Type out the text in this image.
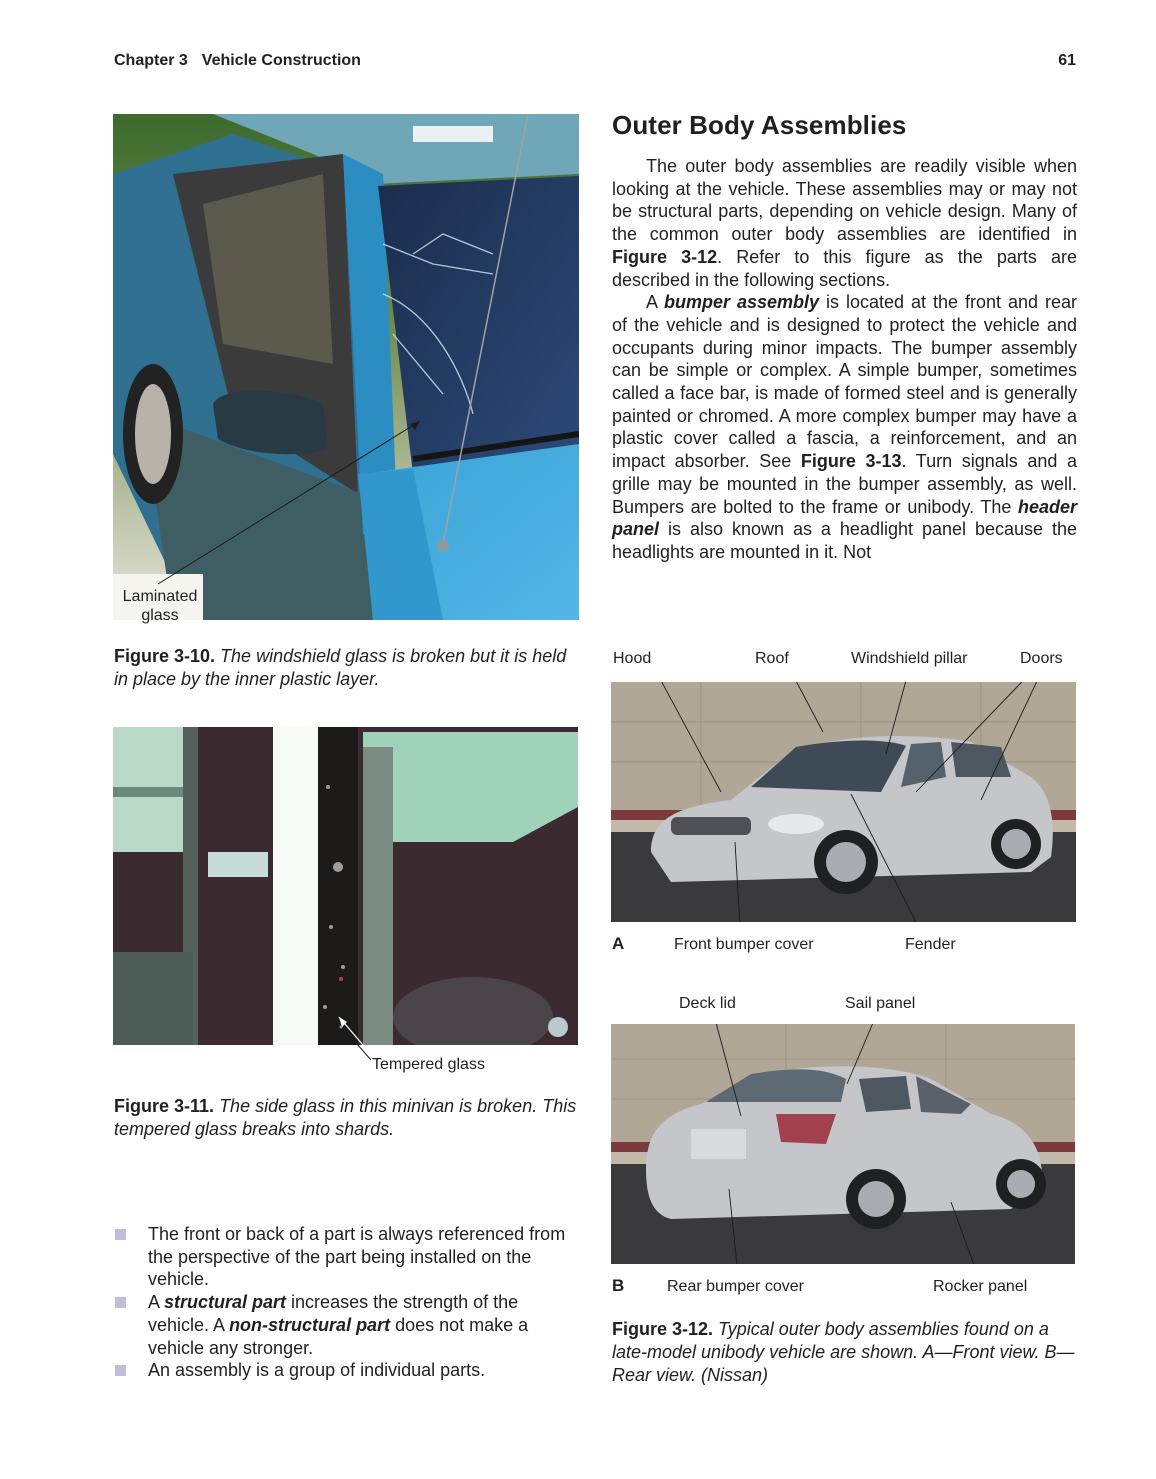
Chapter 3 Vehicle Construction	61
Laminated
glass
Figure 3-10. The windshield glass is broken but it is held in place by the inner plastic layer.
Tempered glass
Figure 3-11. The side glass in this minivan is broken. This tempered glass breaks into shards.
The front or back of a part is always referenced from the perspective of the part being installed on the vehicle.
A structural part increases the strength of the vehicle. A non-structural part does not make a vehicle any stronger.
An assembly is a group of individual parts.
Outer Body Assemblies

The outer body assemblies are readily visible when looking at the vehicle. These assemblies may or may not be structural parts, depending on vehicle design. Many of the common outer body assemblies are identified in Figure 3-12. Refer to this figure as the parts are described in the following sections.

A bumper assembly is located at the front and rear of the vehicle and is designed to protect the vehicle and occupants during minor impacts. The bumper assembly can be simple or complex. A simple bumper, sometimes called a face bar, is made of formed steel and is generally painted or chromed. A more complex bumper may have a plastic cover called a fascia, a reinforcement, and an impact absorber. See Figure 3-13. Turn signals and a grille may be mounted in the bumper assembly, as well. Bumpers are bolted to the frame or unibody. The header panel is also known as a headlight panel because the headlights are mounted in it. Not

Hood	Roof	Windshield pillar	Doors
A	Front bumper cover	Fender
Deck lid	Sail panel
B	Rear bumper cover	Rocker panel
Figure 3-12. Typical outer body assemblies found on a late-model unibody vehicle are shown. A—Front view. B—Rear view. (Nissan)
